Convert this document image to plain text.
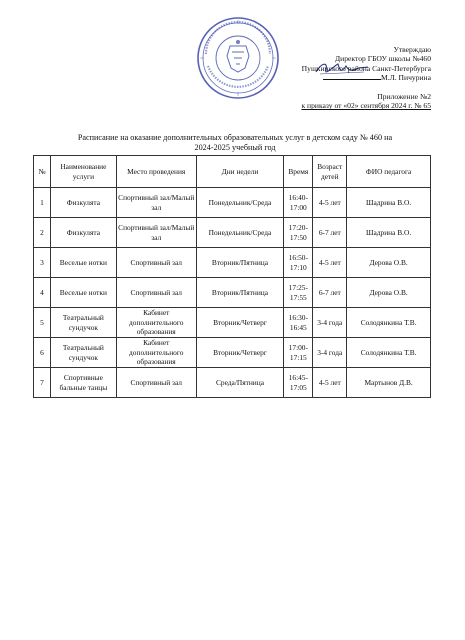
Утверждаю
Директор ГБОУ школы №460
Пушкинского района Санкт-Петербурга
М.Л. Пичурина
Приложение №2
к приказу от «02» сентября 2024 г. № 65
Расписание на оказание дополнительных образовательных услуг в детском саду № 460 на
2024-2025 учебный год
№	Наименование услуги	Место проведения	Дни недели	Время	Возраст детей	ФИО педагога
1	Физкулята	Спортивный зал/Малый зал	Понедельник/Среда	16:40-17:00	4-5 лет	Шадрина В.О.
2	Физкулята	Спортивный зал/Малый зал	Понедельник/Среда	17:20-17:50	6-7 лет	Шадрина В.О.
3	Веселые нотки	Спортивный зал	Вторник/Пятница	16:50-17:10	4-5 лет	Дерова О.В.
4	Веселые нотки	Спортивный зал	Вторник/Пятница	17:25-17:55	6-7 лет	Дерова О.В.
5	Театральный сундучок	Кабинет дополнительного образования	Вторник/Четверг	16:30-16:45	3-4 года	Солодянкина Т.В.
6	Театральный сундучок	Кабинет дополнительного образования	Вторник/Четверг	17:00-17:15	3-4 года	Солодянкина Т.В.
7	Спортивные бальные танцы	Спортивный зал	Среда/Пятница	16:45-17:05	4-5 лет	Мартынов Д.В.
